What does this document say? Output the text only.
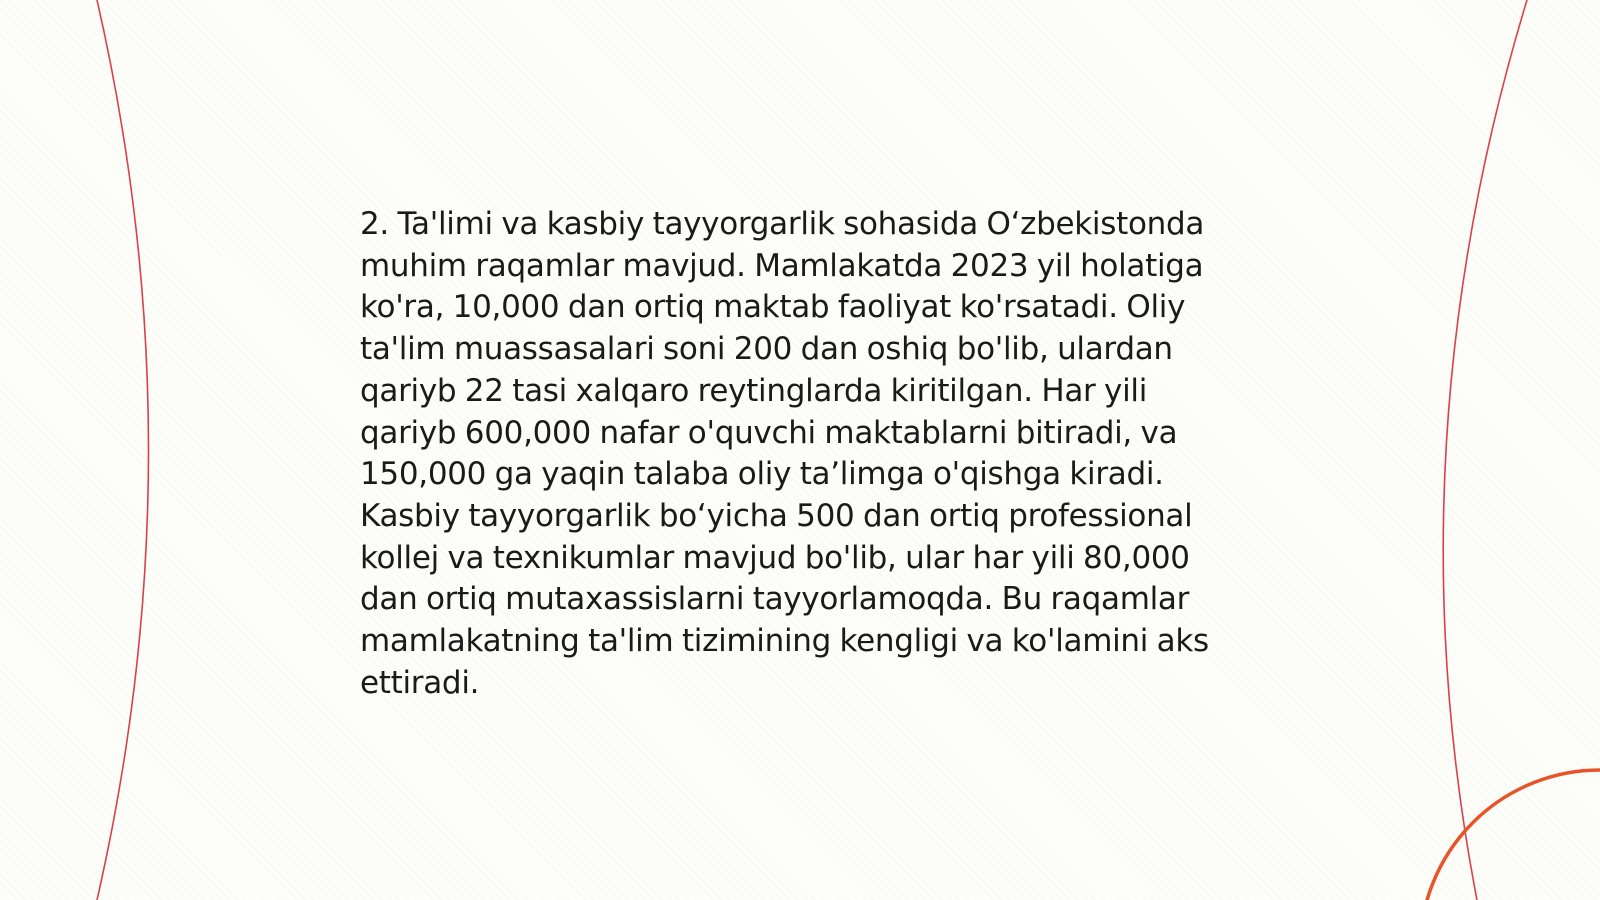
2. Ta'limi va kasbiy tayyorgarlik sohasida O‘zbekistonda muhim raqamlar mavjud. Mamlakatda 2023 yil holatiga ko'ra, 10,000 dan ortiq maktab faoliyat ko'rsatadi. Oliy ta'lim muassasalari soni 200 dan oshiq bo'lib, ulardan qariyb 22 tasi xalqaro reytinglarda kiritilgan. Har yili qariyb 600,000 nafar o'quvchi maktablarni bitiradi, va 150,000 ga yaqin talaba oliy ta’limga o'qishga kiradi. Kasbiy tayyorgarlik bo‘yicha 500 dan ortiq professional kollej va texnikumlar mavjud bo'lib, ular har yili 80,000 dan ortiq mutaxassislarni tayyorlamoqda. Bu raqamlar mamlakatning ta'lim tizimining kengligi va ko'lamini aks ettiradi.
